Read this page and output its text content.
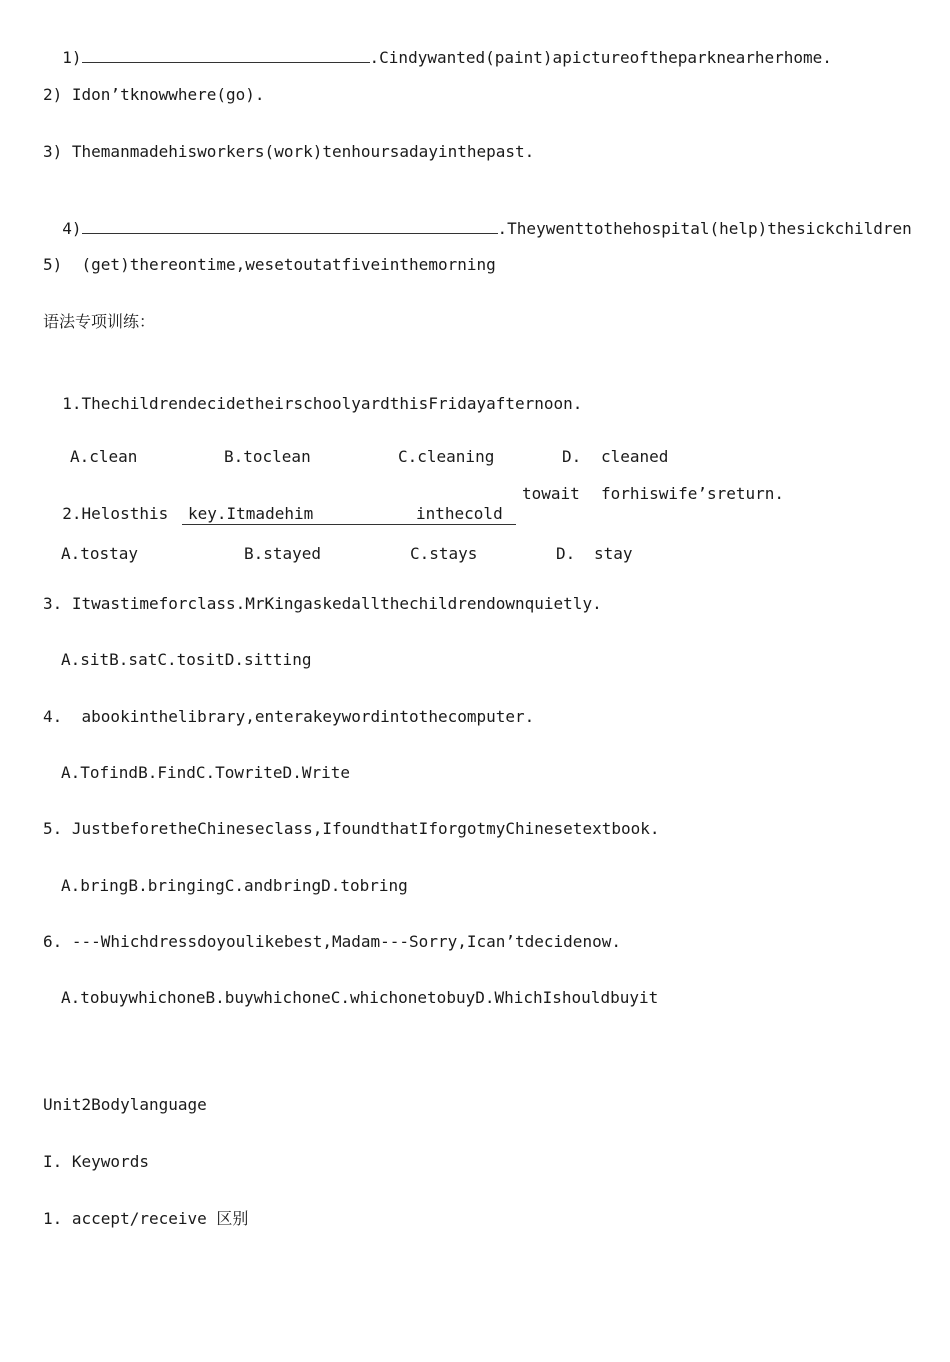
1)	.Cindywanted(paint)apictureoftheparknearherhome.

2) Idon’tknowwhere(go).
3) Themanmadehisworkers(work)tenhoursadayinthepast.

4)	.Theywenttothehospital(help)thesickchildren

5)  (get)thereontime,wesetoutatfiveinthemorning
语法专项训练：

1.ThechildrendecidetheirschoolyardthisFridayafternoon.

A.clean	B.toclean	C.cleaning	D. cleaned

2.Helosthis

key.Itmadehim	inthecold

towait forhiswife’sreturn.
A.tostay	B.stayed	C.stays	D. stay
3. Itwastimeforclass.MrKingaskedallthechildrendownquietly.
A.sitB.satC.tositD.sitting
4.  abookinthelibrary,enterakeywordintothecomputer.
A.TofindB.FindC.TowriteD.Write
5. JustbeforetheChineseclass,IfoundthatIforgotmyChinesetextbook.
A.bringB.bringingC.andbringD.tobring
6. ---Whichdressdoyoulikebest,Madam---Sorry,Ican’tdecidenow.
A.tobuywhichoneB.buywhichoneC.whichonetobuyD.WhichIshouldbuyit
Unit2Bodylanguage
I. Keywords
1. accept/receive 区别
